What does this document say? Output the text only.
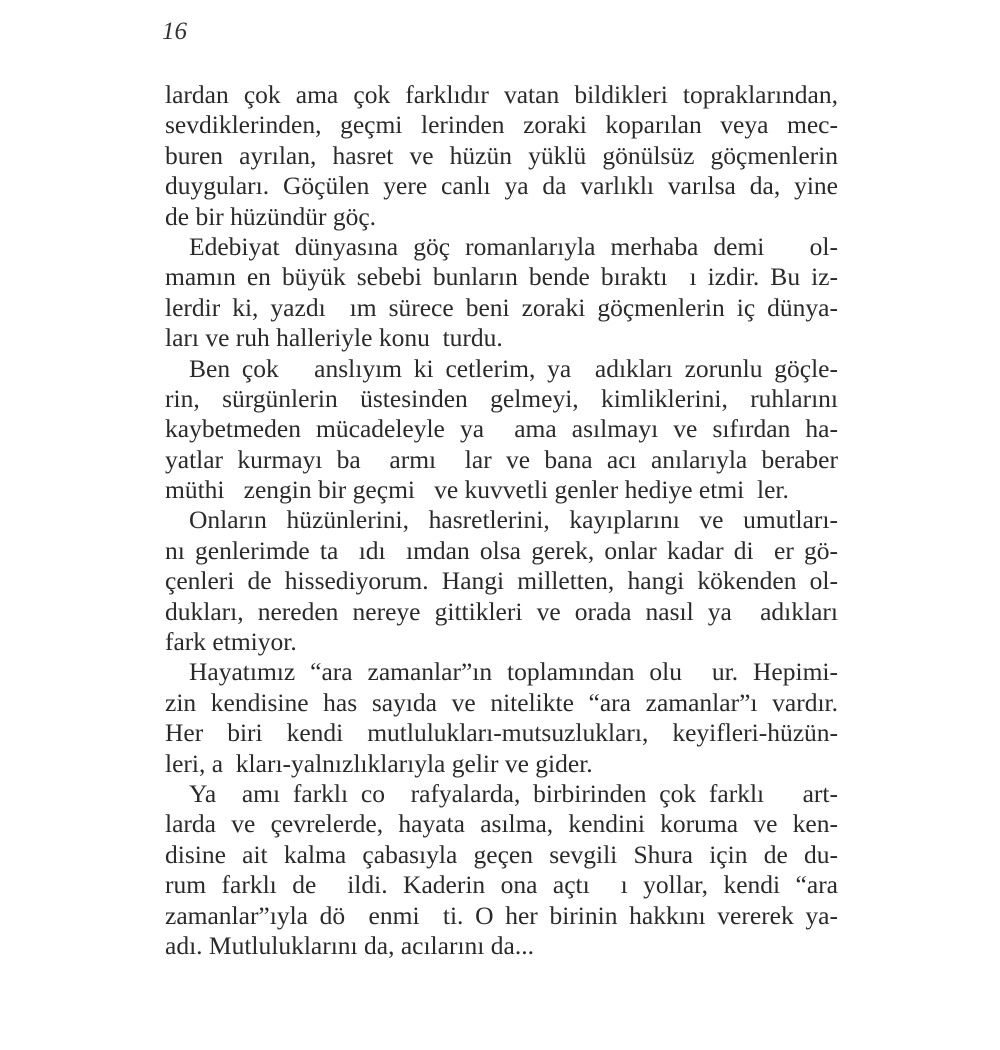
16
lardan çok ama çok farklıdır vatan bildikleri topraklarından,
sevdiklerinden, geçmi lerinden zoraki koparılan veya mec-
buren ayrılan, hasret ve hüzün yüklü gönülsüz göçmenlerin
duyguları. Göçülen yere canlı ya da varlıklı varılsa da, yine
de bir hüzündür göç.
Edebiyat dünyasına göç romanlarıyla merhaba demi   ol-
mamın en büyük sebebi bunların bende bıraktı  ı izdir. Bu iz-
lerdir ki, yazdı  ım sürece beni zoraki göçmenlerin iç dünya-
ları ve ruh halleriyle konu  turdu.
Ben çok   anslıyım ki cetlerim, ya  adıkları zorunlu göçle-
rin, sürgünlerin üstesinden gelmeyi, kimliklerini, ruhlarını
kaybetmeden mücadeleyle ya  ama asılmayı ve sıfırdan ha-
yatlar kurmayı ba  armı  lar ve bana acı anılarıyla beraber
müthi   zengin bir geçmi   ve kuvvetli genler hediye etmi  ler.
Onların hüzünlerini, hasretlerini, kayıplarını ve umutları-
nı genlerimde ta  ıdı  ımdan olsa gerek, onlar kadar di  er gö-
çenleri de hissediyorum. Hangi milletten, hangi kökenden ol-
dukları, nereden nereye gittikleri ve orada nasıl ya  adıkları
fark etmiyor.
Hayatımız “ara zamanlar”ın toplamından olu  ur. Hepimi-
zin kendisine has sayıda ve nitelikte “ara zamanlar”ı vardır.
Her biri kendi mutlulukları-mutsuzlukları, keyifleri-hüzün-
leri, a  kları-yalnızlıklarıyla gelir ve gider.
Ya  amı farklı co  rafyalarda, birbirinden çok farklı   art-
larda ve çevrelerde, hayata asılma, kendini koruma ve ken-
disine ait kalma çabasıyla geçen sevgili Shura için de du-
rum farklı de  ildi. Kaderin ona açtı  ı yollar, kendi “ara
zamanlar”ıyla dö  enmi  ti. O her birinin hakkını vererek ya-
adı. Mutluluklarını da, acılarını da...
